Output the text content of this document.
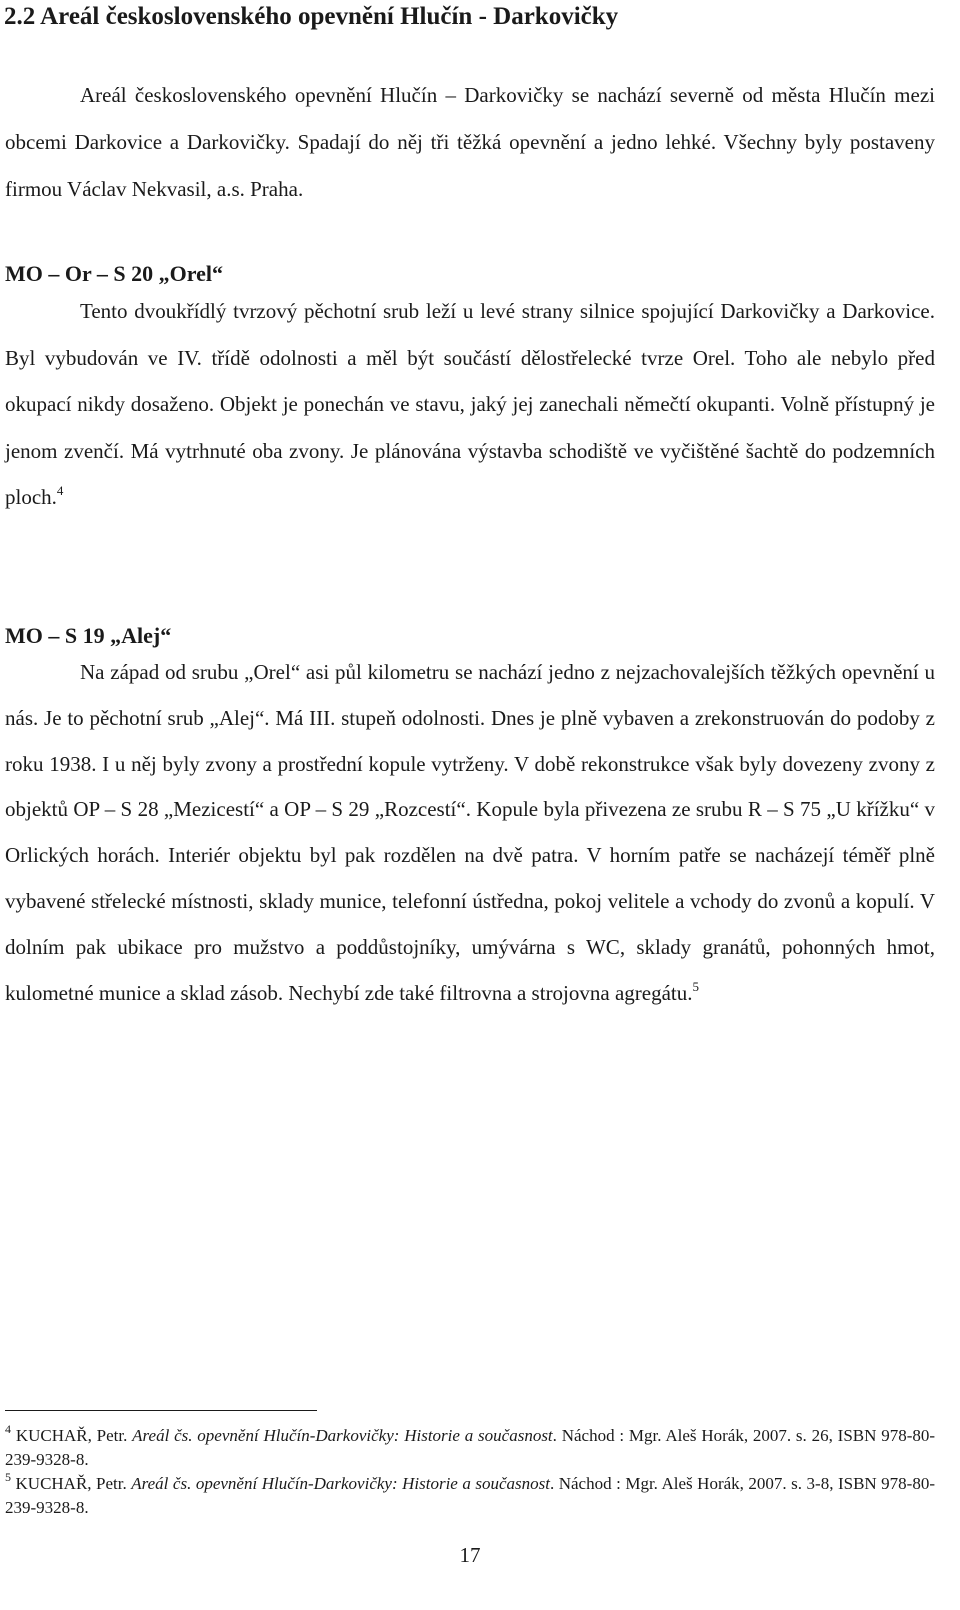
2.2 Areál československého opevnění Hlučín - Darkovičky

Areál československého opevnění Hlučín – Darkovičky se nachází severně od města Hlučín mezi obcemi Darkovice a Darkovičky. Spadají do něj tři těžká opevnění a jedno lehké. Všechny byly postaveny firmou Václav Nekvasil, a.s. Praha.

MO – Or – S 20 „Orel“

Tento dvoukřídlý tvrzový pěchotní srub leží u levé strany silnice spojující Darkovičky a Darkovice. Byl vybudován ve IV. třídě odolnosti a měl být součástí dělostřelecké tvrze Orel. Toho ale nebylo před okupací nikdy dosaženo. Objekt je ponechán ve stavu, jaký jej zanechali němečtí okupanti. Volně přístupný je jenom zvenčí. Má vytrhnuté oba zvony. Je plánována výstavba schodiště ve vyčištěné šachtě do podzemních ploch.$^4$

MO – S 19 „Alej“

Na západ od srubu „Orel“ asi půl kilometru se nachází jedno z nejzachovalejších těžkých opevnění u nás. Je to pěchotní srub „Alej“. Má III. stupeň odolnosti. Dnes je plně vybaven a zrekonstruován do podoby z roku 1938. I u něj byly zvony a prostřední kopule vytrženy. V době rekonstrukce však byly dovezeny zvony z objektů OP – S 28 „Mezicestí“ a OP – S 29 „Rozcestí“. Kopule byla přivezena ze srubu R – S 75 „U křížku“ v Orlických horách. Interiér objektu byl pak rozdělen na dvě patra. V horním patře se nacházejí téměř plně vybavené střelecké místnosti, sklady munice, telefonní ústředna, pokoj velitele a vchody do zvonů a kopulí. V dolním pak ubikace pro mužstvo a poddůstojníky, umývárna s WC, sklady granátů, pohonných hmot, kulometné munice a sklad zásob. Nechybí zde také filtrovna a strojovna agregátu.$^5$

$^4$ KUCHAŘ, Petr. Areál čs. opevnění Hlučín-Darkovičky: Historie a současnost. Náchod : Mgr. Aleš Horák, 2007. s. 26, ISBN 978-80-239-9328-8.

$^5$ KUCHAŘ, Petr. Areál čs. opevnění Hlučín-Darkovičky: Historie a současnost. Náchod : Mgr. Aleš Horák, 2007. s. 3-8, ISBN 978-80-239-9328-8.

17
